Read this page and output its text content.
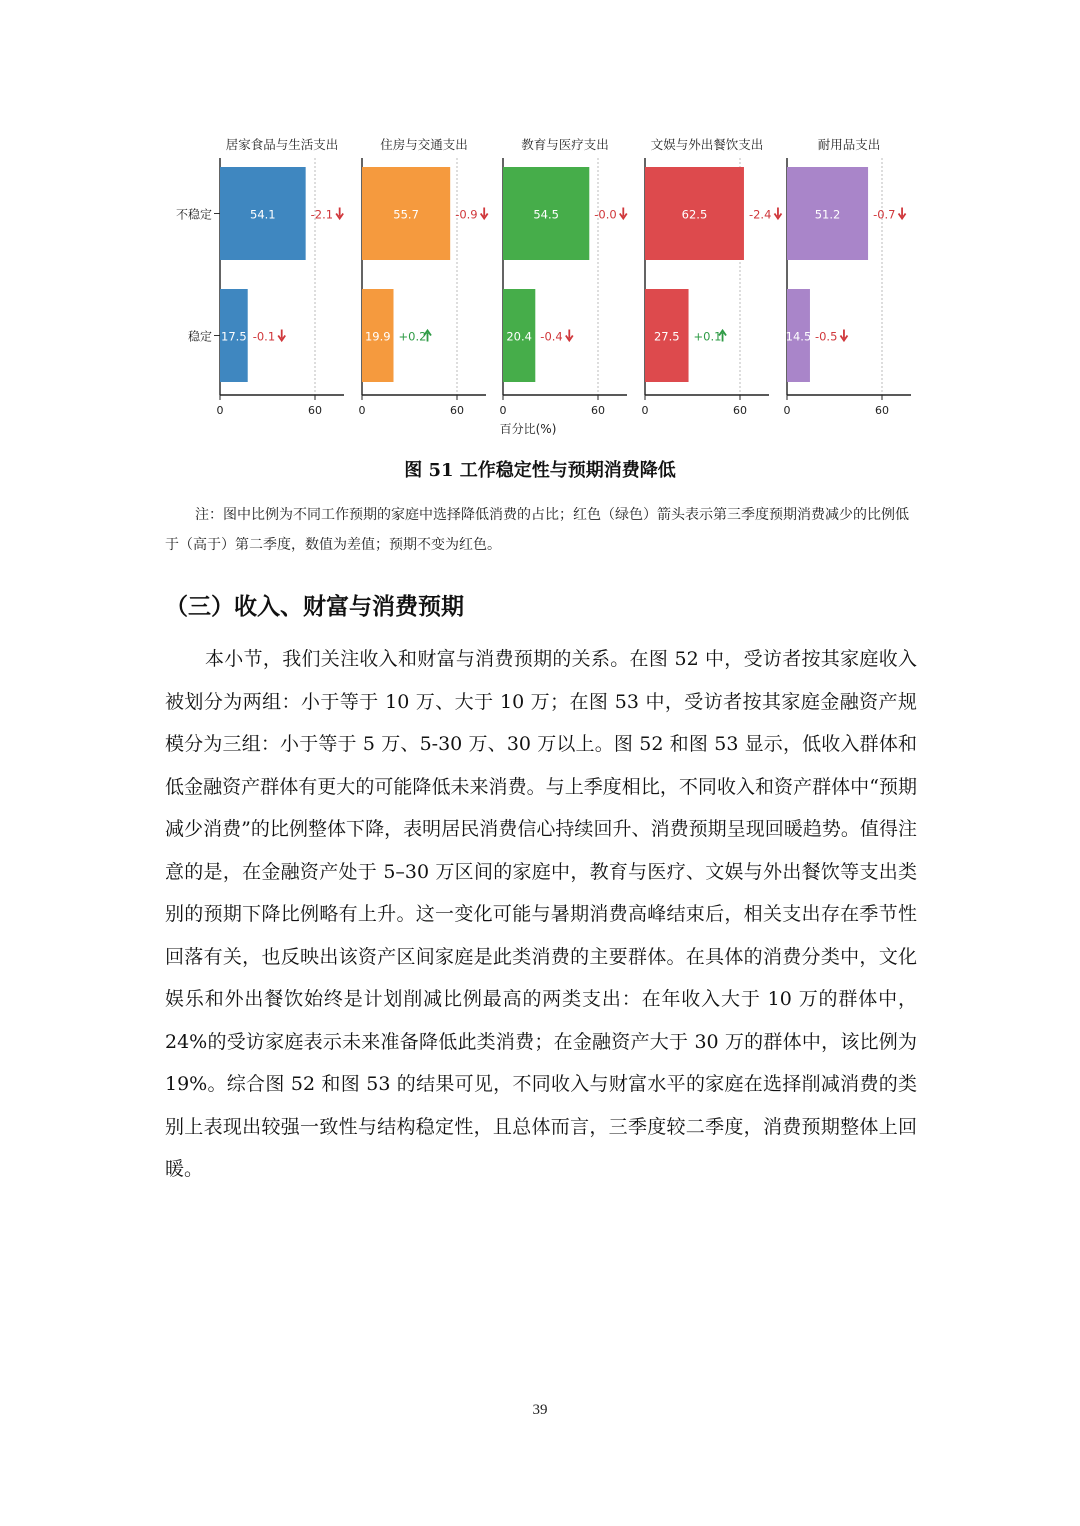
不稳定
稳定
居家食品与生活支出
0	60
54.1	-2.1
17.5 -0.1
住房与交通支出
0	60
55.7	-0.9
19.9 +0.2
教育与医疗支出
0	60
54.5	-0.0
20.4 -0.4
文娱与外出餐饮支出
0	60
62.5	-2.4
27.5 +0.1
耐用品支出
0	60
51.2	-0.7
14.5 -0.5
百分比(%)
图 51 工作稳定性与预期消费降低
注：图中比例为不同工作预期的家庭中选择降低消费的占比；红色（绿色）箭头表示第三季度预期消费减少的比例低于（高于）第二季度，数值为差值；预期不变为红色。
（三）收入、财富与消费预期
本小节，我们关注收入和财富与消费预期的关系。在图 52 中，受访者按其家庭收入被划分为两组：小于等于 10 万、大于 10 万；在图 53 中，受访者按其家庭金融资产规模分为三组：小于等于 5 万、5-30 万、30 万以上。图 52 和图 53 显示，低收入群体和低金融资产群体有更大的可能降低未来消费。与上季度相比，不同收入和资产群体中“预期减少消费”的比例整体下降，表明居民消费信心持续回升、消费预期呈现回暖趋势。值得注意的是，在金融资产处于 5–30 万区间的家庭中，教育与医疗、文娱与外出餐饮等支出类别的预期下降比例略有上升。这一变化可能与暑期消费高峰结束后，相关支出存在季节性回落有关，也反映出该资产区间家庭是此类消费的主要群体。在具体的消费分类中，文化娱乐和外出餐饮始终是计划削减比例最高的两类支出：在年收入大于 10 万的群体中，24%的受访家庭表示未来准备降低此类消费；在金融资产大于 30 万的群体中，该比例为 19%。综合图 52 和图 53 的结果可见，不同收入与财富水平的家庭在选择削减消费的类别上表现出较强一致性与结构稳定性，且总体而言，三季度较二季度，消费预期整体上回暖。
39
